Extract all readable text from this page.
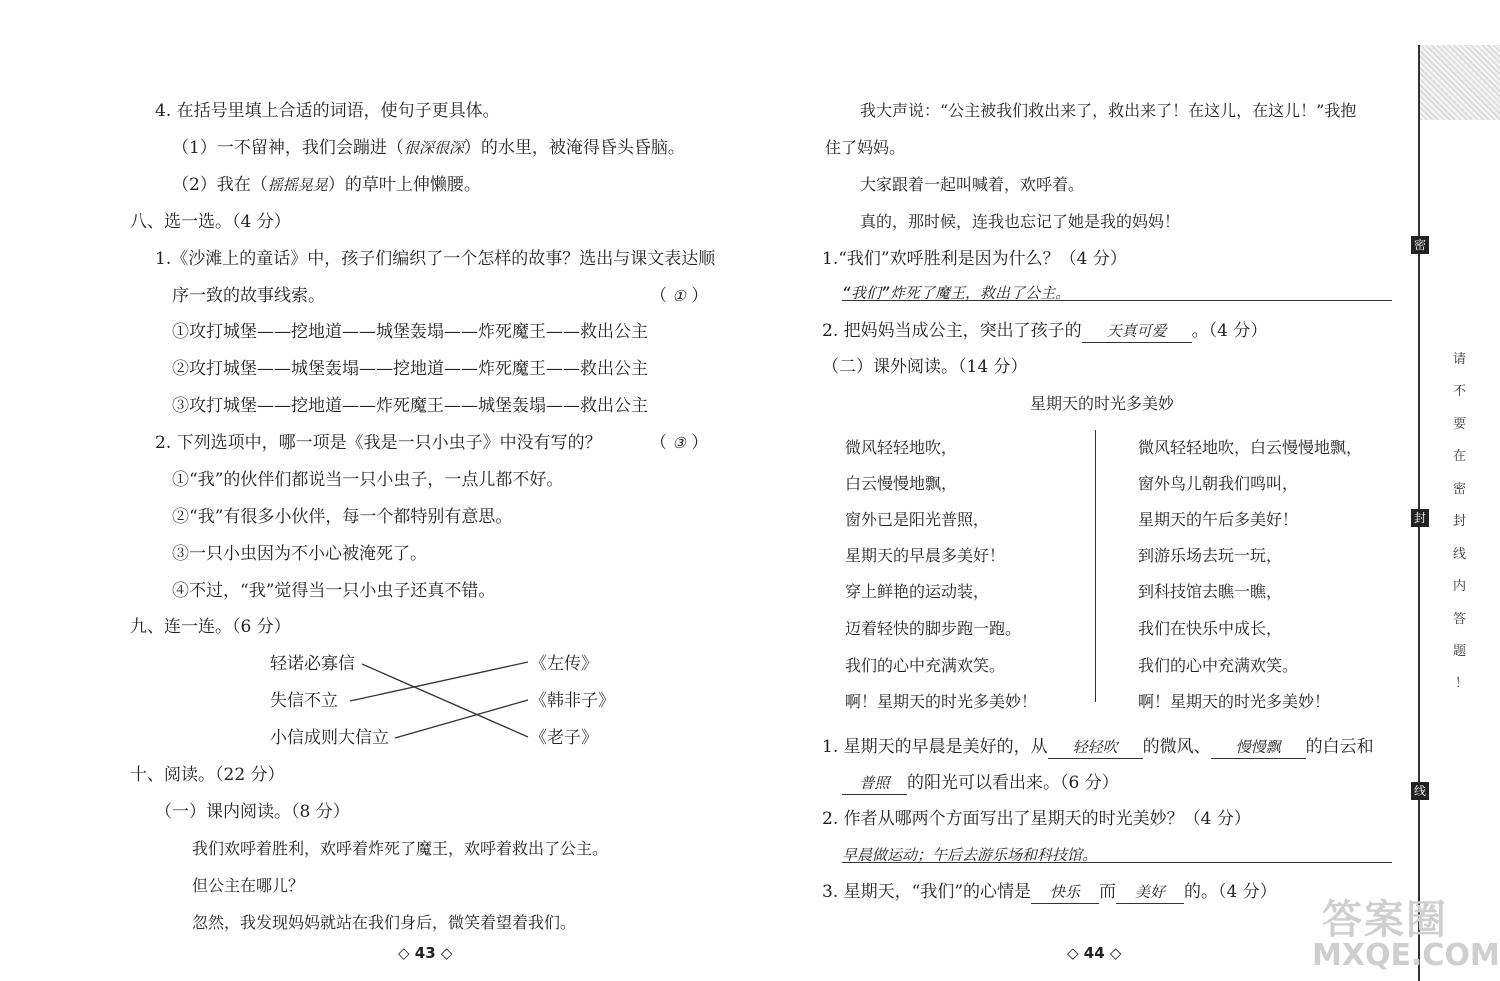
4. 在括号里填上合适的词语，使句子更具体。
（1）一不留神，我们会蹦进（很深很深）的水里，被淹得昏头昏脑。
（2）我在（摇摇晃晃）的草叶上伸懒腰。
八、选一选。（4 分）
1.《沙滩上的童话》中，孩子们编织了一个怎样的故事？选出与课文表达顺
序一致的故事线索。	（ ① ）
①攻打城堡——挖地道——城堡轰塌——炸死魔王——救出公主
②攻打城堡——城堡轰塌——挖地道——炸死魔王——救出公主
③攻打城堡——挖地道——炸死魔王——城堡轰塌——救出公主
2. 下列选项中，哪一项是《我是一只小虫子》中没有写的？	（ ③ ）
①“我”的伙伴们都说当一只小虫子，一点儿都不好。
②“我”有很多小伙伴，每一个都特别有意思。
③一只小虫因为不小心被淹死了。
④不过，“我”觉得当一只小虫子还真不错。
九、连一连。（6 分）
轻诺必寡信
失信不立
小信成则大信立
《左传》
《韩非子》
《老子》
十、阅读。（22 分）
（一）课内阅读。（8 分）
我们欢呼着胜利，欢呼着炸死了魔王，欢呼着救出了公主。
但公主在哪儿？
忽然，我发现妈妈就站在我们身后，微笑着望着我们。
◇ 43 ◇
我大声说：“公主被我们救出来了，救出来了！在这儿，在这儿！”我抱
住了妈妈。
大家跟着一起叫喊着，欢呼着。
真的，那时候，连我也忘记了她是我的妈妈！
1.“我们”欢呼胜利是因为什么？（4 分）
“我们”炸死了魔王，救出了公主。
2. 把妈妈当成公主，突出了孩子的 天真可爱 。（4 分）
（二）课外阅读。（14 分）
星期天的时光多美妙
微风轻轻地吹，
白云慢慢地飘，
窗外已是阳光普照，
星期天的早晨多美好！
穿上鲜艳的运动装，
迈着轻快的脚步跑一跑。
我们的心中充满欢笑。
啊！星期天的时光多美妙！
微风轻轻地吹，白云慢慢地飘，
窗外鸟儿朝我们鸣叫，
星期天的午后多美好！
到游乐场去玩一玩，
到科技馆去瞧一瞧，
我们在快乐中成长，
我们的心中充满欢笑。
啊！星期天的时光多美妙！
1. 星期天的早晨是美好的，从 轻轻吹 的微风、 慢慢飘 的白云和
普照 的阳光可以看出来。（6 分）
2. 作者从哪两个方面写出了星期天的时光美妙？（4 分）
早晨做运动；午后去游乐场和科技馆。
3. 星期天，“我们”的心情是 快乐 而 美好 的。（4 分）
◇ 44 ◇
密
封
线
请
不
要
在
密
封
线
内
答
题
！
答案圈
MXQE.COM
